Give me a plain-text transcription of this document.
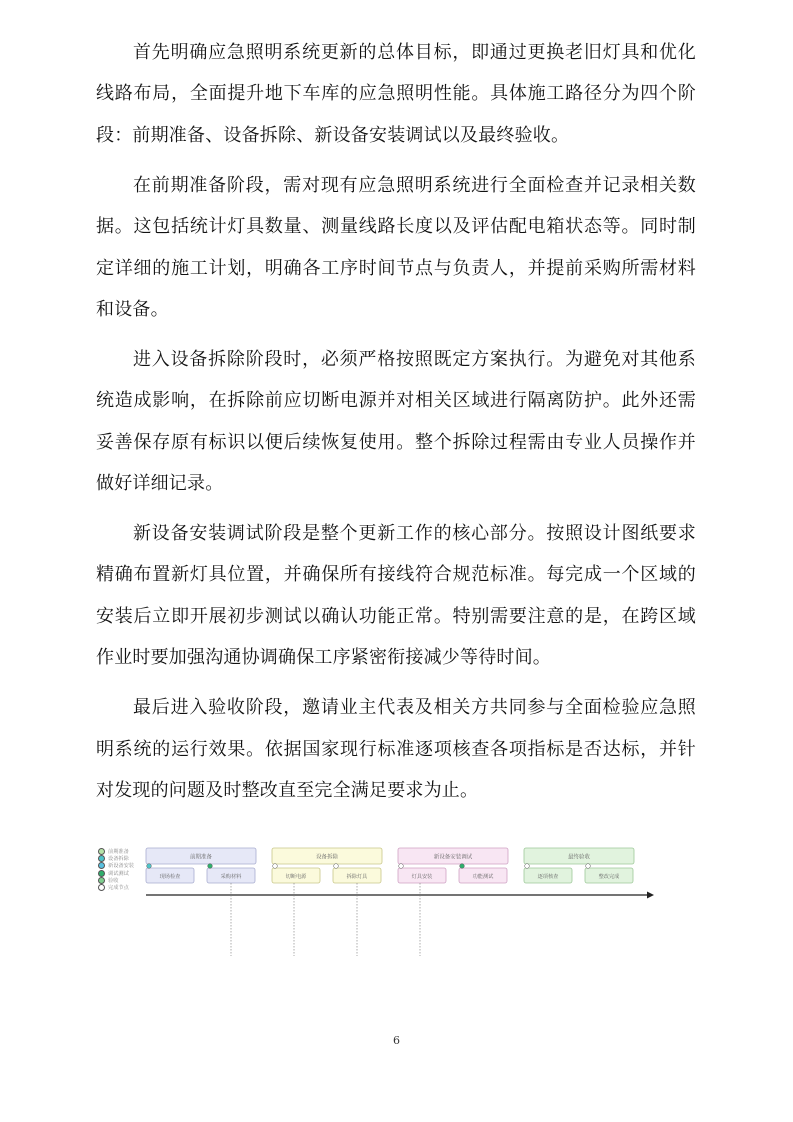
首先明确应急照明系统更新的总体目标，即通过更换老旧灯具和优化线路布局，全面提升地下车库的应急照明性能。具体施工路径分为四个阶段：前期准备、设备拆除、新设备安装调试以及最终验收。

在前期准备阶段，需对现有应急照明系统进行全面检查并记录相关数据。这包括统计灯具数量、测量线路长度以及评估配电箱状态等。同时制定详细的施工计划，明确各工序时间节点与负责人，并提前采购所需材料和设备。

进入设备拆除阶段时，必须严格按照既定方案执行。为避免对其他系统造成影响，在拆除前应切断电源并对相关区域进行隔离防护。此外还需妥善保存原有标识以便后续恢复使用。整个拆除过程需由专业人员操作并做好详细记录。

新设备安装调试阶段是整个更新工作的核心部分。按照设计图纸要求精确布置新灯具位置，并确保所有接线符合规范标准。每完成一个区域的安装后立即开展初步测试以确认功能正常。特别需要注意的是，在跨区域作业时要加强沟通协调确保工序紧密衔接减少等待时间。

最后进入验收阶段，邀请业主代表及相关方共同参与全面检验应急照明系统的运行效果。依据国家现行标准逐项核查各项指标是否达标，并针对发现的问题及时整改直至完全满足要求为止。

前期准备
设备拆除
新设备安装
调试测试
验收
完成节点
前期准备
现场检查	采购材料
设备拆除
切断电源	拆除灯具
新设备安装调试
灯具安装	功能测试
最终验收
逐项核查	整改完成
6
